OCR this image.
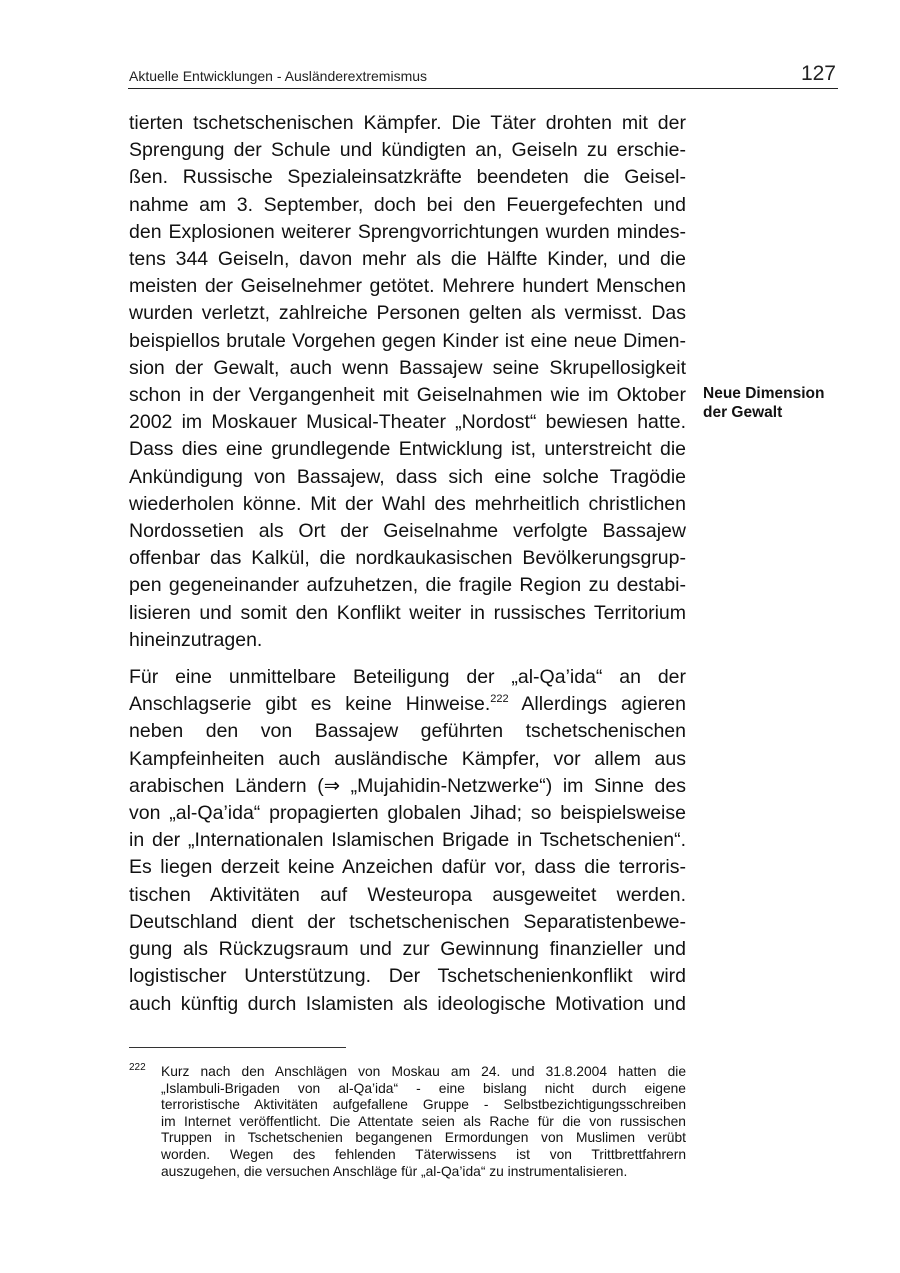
Aktuelle Entwicklungen - Ausländerextremismus	127

tierten tschetschenischen Kämpfer. Die Täter drohten mit der
Sprengung der Schule und kündigten an, Geiseln zu erschie-
ßen. Russische Spezialeinsatzkräfte beendeten die Geisel-
nahme am 3. September, doch bei den Feuergefechten und
den Explosionen weiterer Sprengvorrichtungen wurden mindes-
tens 344 Geiseln, davon mehr als die Hälfte Kinder, und die
meisten der Geiselnehmer getötet. Mehrere hundert Menschen
wurden verletzt, zahlreiche Personen gelten als vermisst. Das
beispiellos brutale Vorgehen gegen Kinder ist eine neue Dimen-
sion der Gewalt, auch wenn Bassajew seine Skrupellosigkeit
schon in der Vergangenheit mit Geiselnahmen wie im Oktober
2002 im Moskauer Musical-Theater „Nordost“ bewiesen hatte.
Dass dies eine grundlegende Entwicklung ist, unterstreicht die
Ankündigung von Bassajew, dass sich eine solche Tragödie
wiederholen könne. Mit der Wahl des mehrheitlich christlichen
Nordossetien als Ort der Geiselnahme verfolgte Bassajew
offenbar das Kalkül, die nordkaukasischen Bevölkerungsgrup-
pen gegeneinander aufzuhetzen, die fragile Region zu destabi-
lisieren und somit den Konflikt weiter in russisches Territorium
hineinzutragen.

Für eine unmittelbare Beteiligung der „al-Qa’ida“ an der
Anschlagserie gibt es keine Hinweise.$^{222}$ Allerdings agieren
neben den von Bassajew geführten tschetschenischen
Kampfeinheiten auch ausländische Kämpfer, vor allem aus
arabischen Ländern (⇒ „Mujahidin-Netzwerke“) im Sinne des
von „al-Qa’ida“ propagierten globalen Jihad; so beispielsweise
in der „Internationalen Islamischen Brigade in Tschetschenien“.
Es liegen derzeit keine Anzeichen dafür vor, dass die terroris-
tischen Aktivitäten auf Westeuropa ausgeweitet werden.
Deutschland dient der tschetschenischen Separatistenbewe-
gung als Rückzugsraum und zur Gewinnung finanzieller und
logistischer Unterstützung. Der Tschetschenienkonflikt wird
auch künftig durch Islamisten als ideologische Motivation und

Neue Dimension
der Gewalt
222 Kurz nach den Anschlägen von Moskau am 24. und 31.8.2004 hatten die
„Islambuli-Brigaden von al-Qa’ida“ - eine bislang nicht durch eigene
terroristische Aktivitäten aufgefallene Gruppe - Selbstbezichtigungsschreiben
im Internet veröffentlicht. Die Attentate seien als Rache für die von russischen
Truppen in Tschetschenien begangenen Ermordungen von Muslimen verübt
worden. Wegen des fehlenden Täterwissens ist von Trittbrettfahrern
auszugehen, die versuchen Anschläge für „al-Qa’ida“ zu instrumentalisieren.
